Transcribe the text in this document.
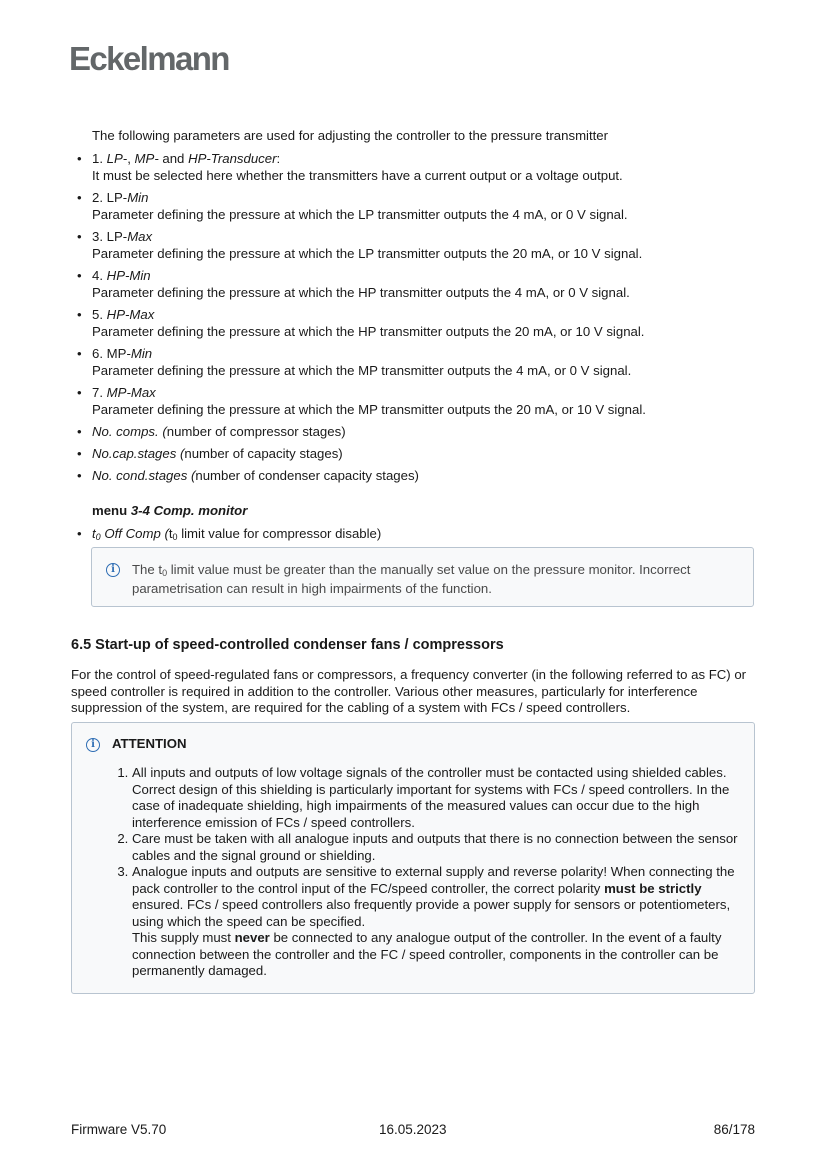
Eckelmann
The following parameters are used for adjusting the controller to the pressure transmitter
• 1. LP-, MP- and HP-Transducer:
It must be selected here whether the transmitters have a current output or a voltage output.
• 2. LP-Min
Parameter defining the pressure at which the LP transmitter outputs the 4 mA, or 0 V signal.
• 3. LP-Max
Parameter defining the pressure at which the LP transmitter outputs the 20 mA, or 10 V signal.
• 4. HP-Min
Parameter defining the pressure at which the HP transmitter outputs the 4 mA, or 0 V signal.
• 5. HP-Max
Parameter defining the pressure at which the HP transmitter outputs the 20 mA, or 10 V signal.
• 6. MP-Min
Parameter defining the pressure at which the MP transmitter outputs the 4 mA, or 0 V signal.
• 7. MP-Max
Parameter defining the pressure at which the MP transmitter outputs the 20 mA, or 10 V signal.
• No. comps. (number of compressor stages)
• No.cap.stages (number of capacity stages)
• No. cond.stages (number of condenser capacity stages)
menu 3-4 Comp. monitor
• $t_0$ Off Comp ($t_0$ limit value for compressor disable)
i	The $t_0$ limit value must be greater than the manually set value on the pressure monitor. Incorrect parametrisation can result in high impairments of the function.
6.5 Start-up of speed-controlled condenser fans / compressors
For the control of speed-regulated fans or compressors, a frequency converter (in the following referred to as FC) or speed controller is required in addition to the controller. Various other measures, particularly for interference suppression of the system, are required for the cabling of a system with FCs / speed controllers.
i	ATTENTION
1. All inputs and outputs of low voltage signals of the controller must be contacted using shielded cables. Correct design of this shielding is particularly important for systems with FCs / speed controllers. In the case of inadequate shielding, high impairments of the measured values can occur due to the high interference emission of FCs / speed controllers.
2. Care must be taken with all analogue inputs and outputs that there is no connection between the sensor cables and the signal ground or shielding.
3. Analogue inputs and outputs are sensitive to external supply and reverse polarity! When connecting the pack controller to the control input of the FC/speed controller, the correct polarity must be strictly ensured. FCs / speed controllers also frequently provide a power supply for sensors or potentiometers, using which the speed can be specified.
This supply must never be connected to any analogue output of the controller. In the event of a faulty connection between the controller and the FC / speed controller, components in the controller can be permanently damaged.
Firmware V5.70	16.05.2023	86/178
